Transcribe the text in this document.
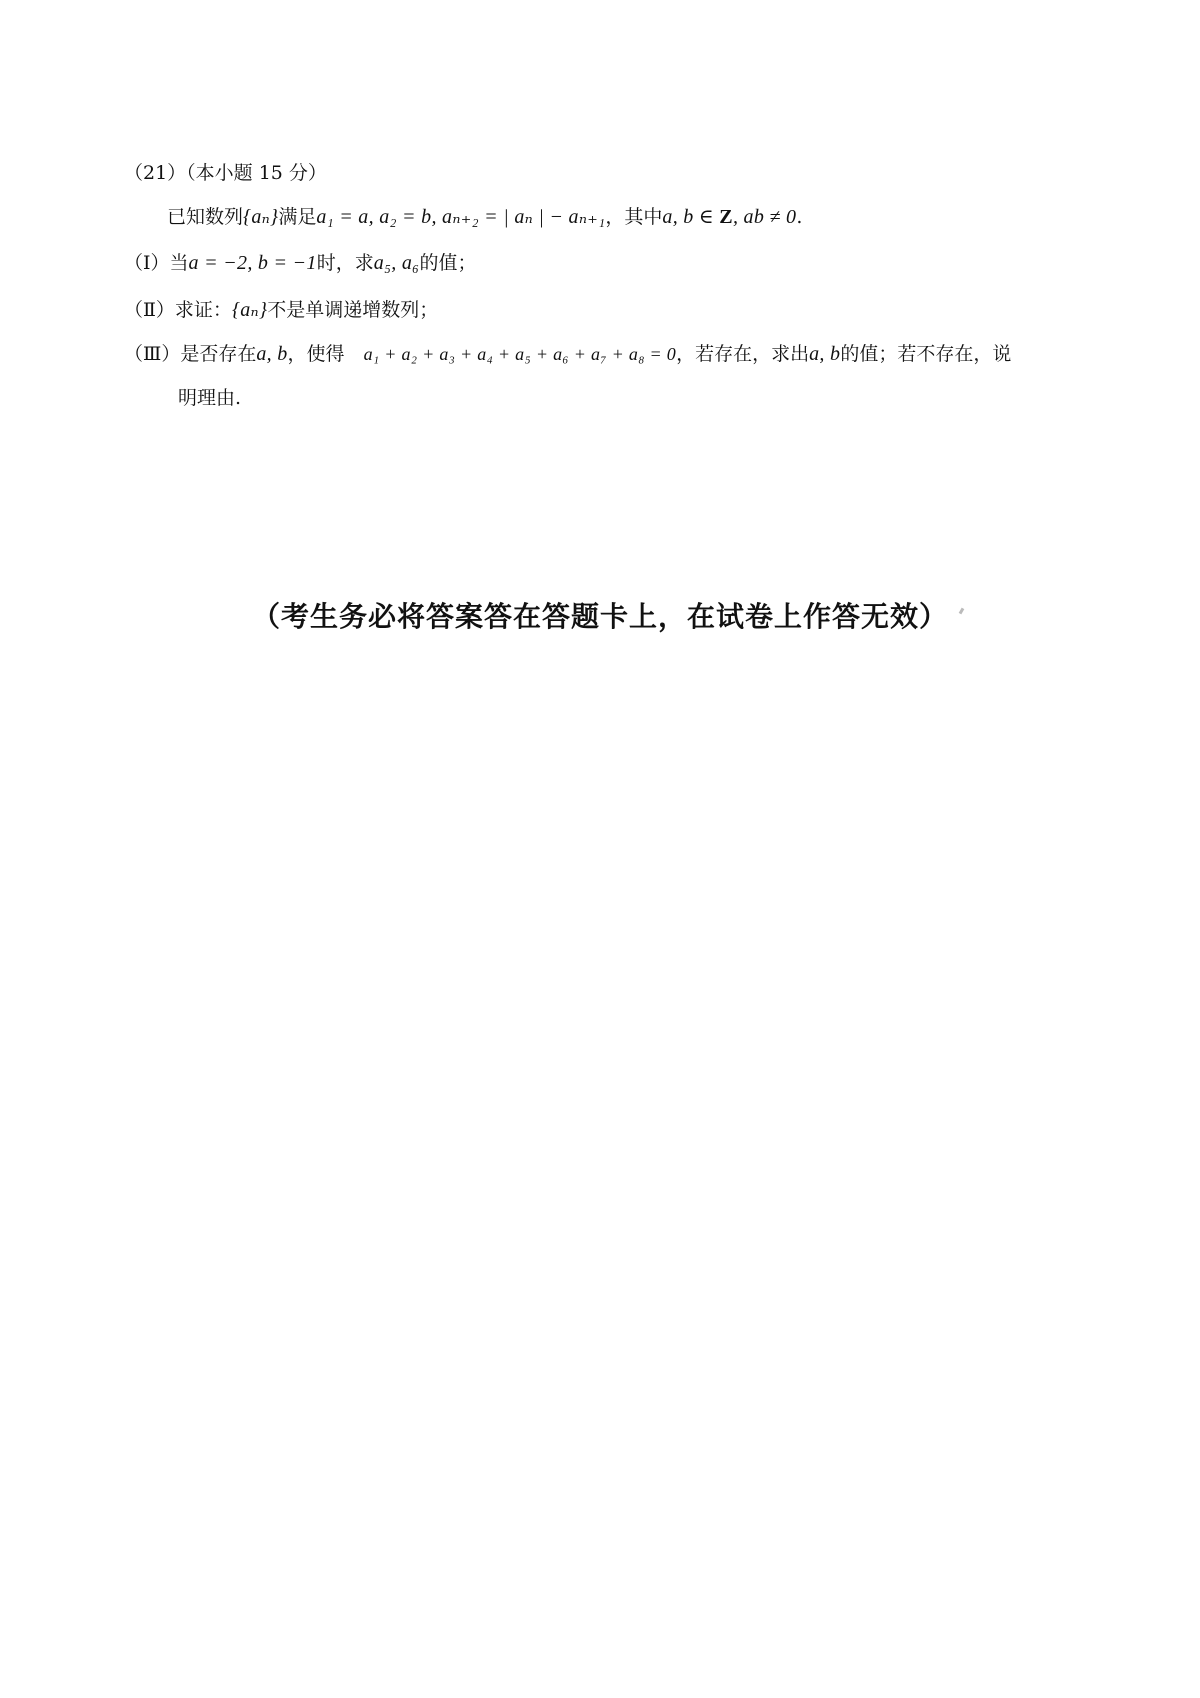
（21）（本小题 15 分）
已知数列{aₙ}满足a₁ = a, a₂ = b, aₙ₊₂ = | aₙ | − aₙ₊₁，其中a, b ∈ Z, ab ≠ 0.
（Ⅰ）当a = −2, b = −1时，求a₅, a₆的值；
（Ⅱ）求证：{aₙ}不是单调递增数列；
（Ⅲ）是否存在a, b，使得  a₁ + a₂ + a₃ + a₄ + a₅ + a₆ + a₇ + a₈ = 0，若存在，求出a, b的值；若不存在，说
明理由.
（考生务必将答案答在答题卡上，在试卷上作答无效）
